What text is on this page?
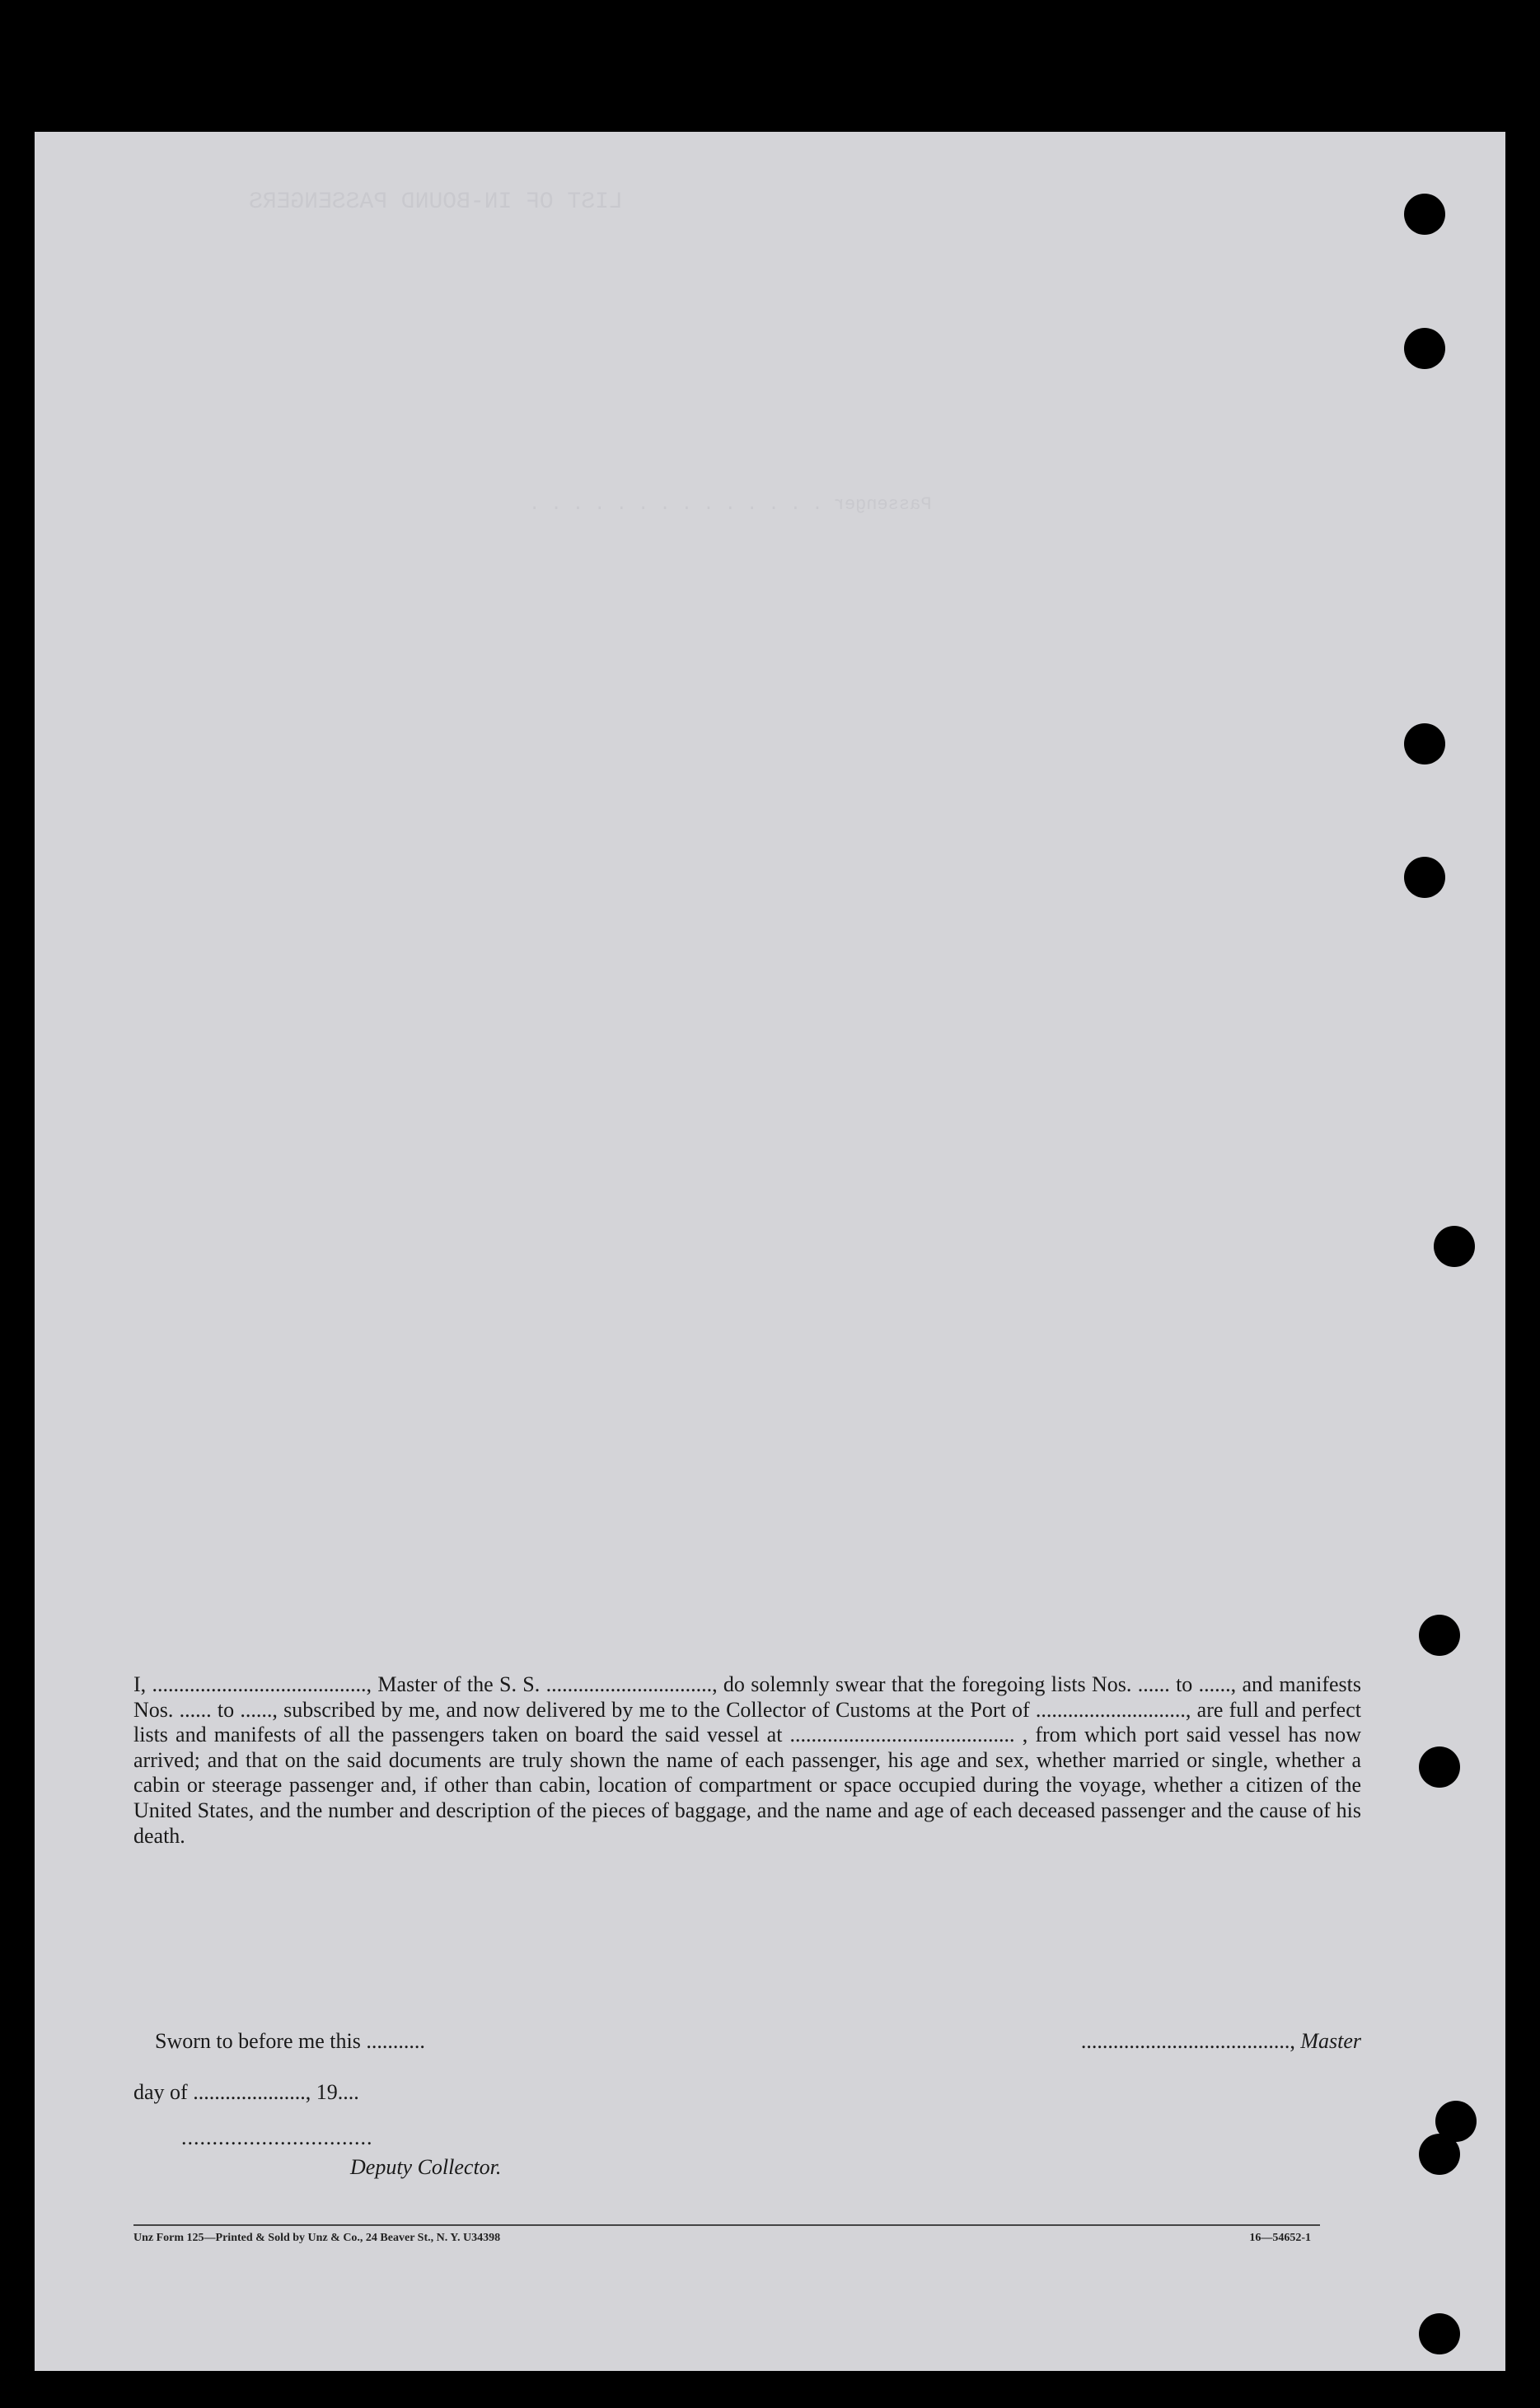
LIST OF IN-BOUND PASSENGERS
Passenger . . . . . . . . . . . . . .

I, ........................................, Master of the S. S. ..............................., do solemnly swear that the foregoing lists Nos. ...... to ......, and manifests Nos. ...... to ......, subscribed by me, and now delivered by me to the Collector of Customs at the Port of ............................, are full and perfect lists and manifests of all the passengers taken on board the said vessel at .......................................... , from which port said vessel has now arrived; and that on the said documents are truly shown the name of each passenger, his age and sex, whether married or single, whether a cabin or steerage passenger and, if other than cabin, location of compartment or space occupied during the voyage, whether a citizen of the United States, and the number and description of the pieces of baggage, and the name and age of each deceased passenger and the cause of his death.

Sworn to before me this ...........	......................................., Master
day of ....................., 19....
...............................
Deputy Collector.
Unz Form 125—Printed & Sold by Unz & Co., 24 Beaver St., N. Y. U34398	16—54652-1
